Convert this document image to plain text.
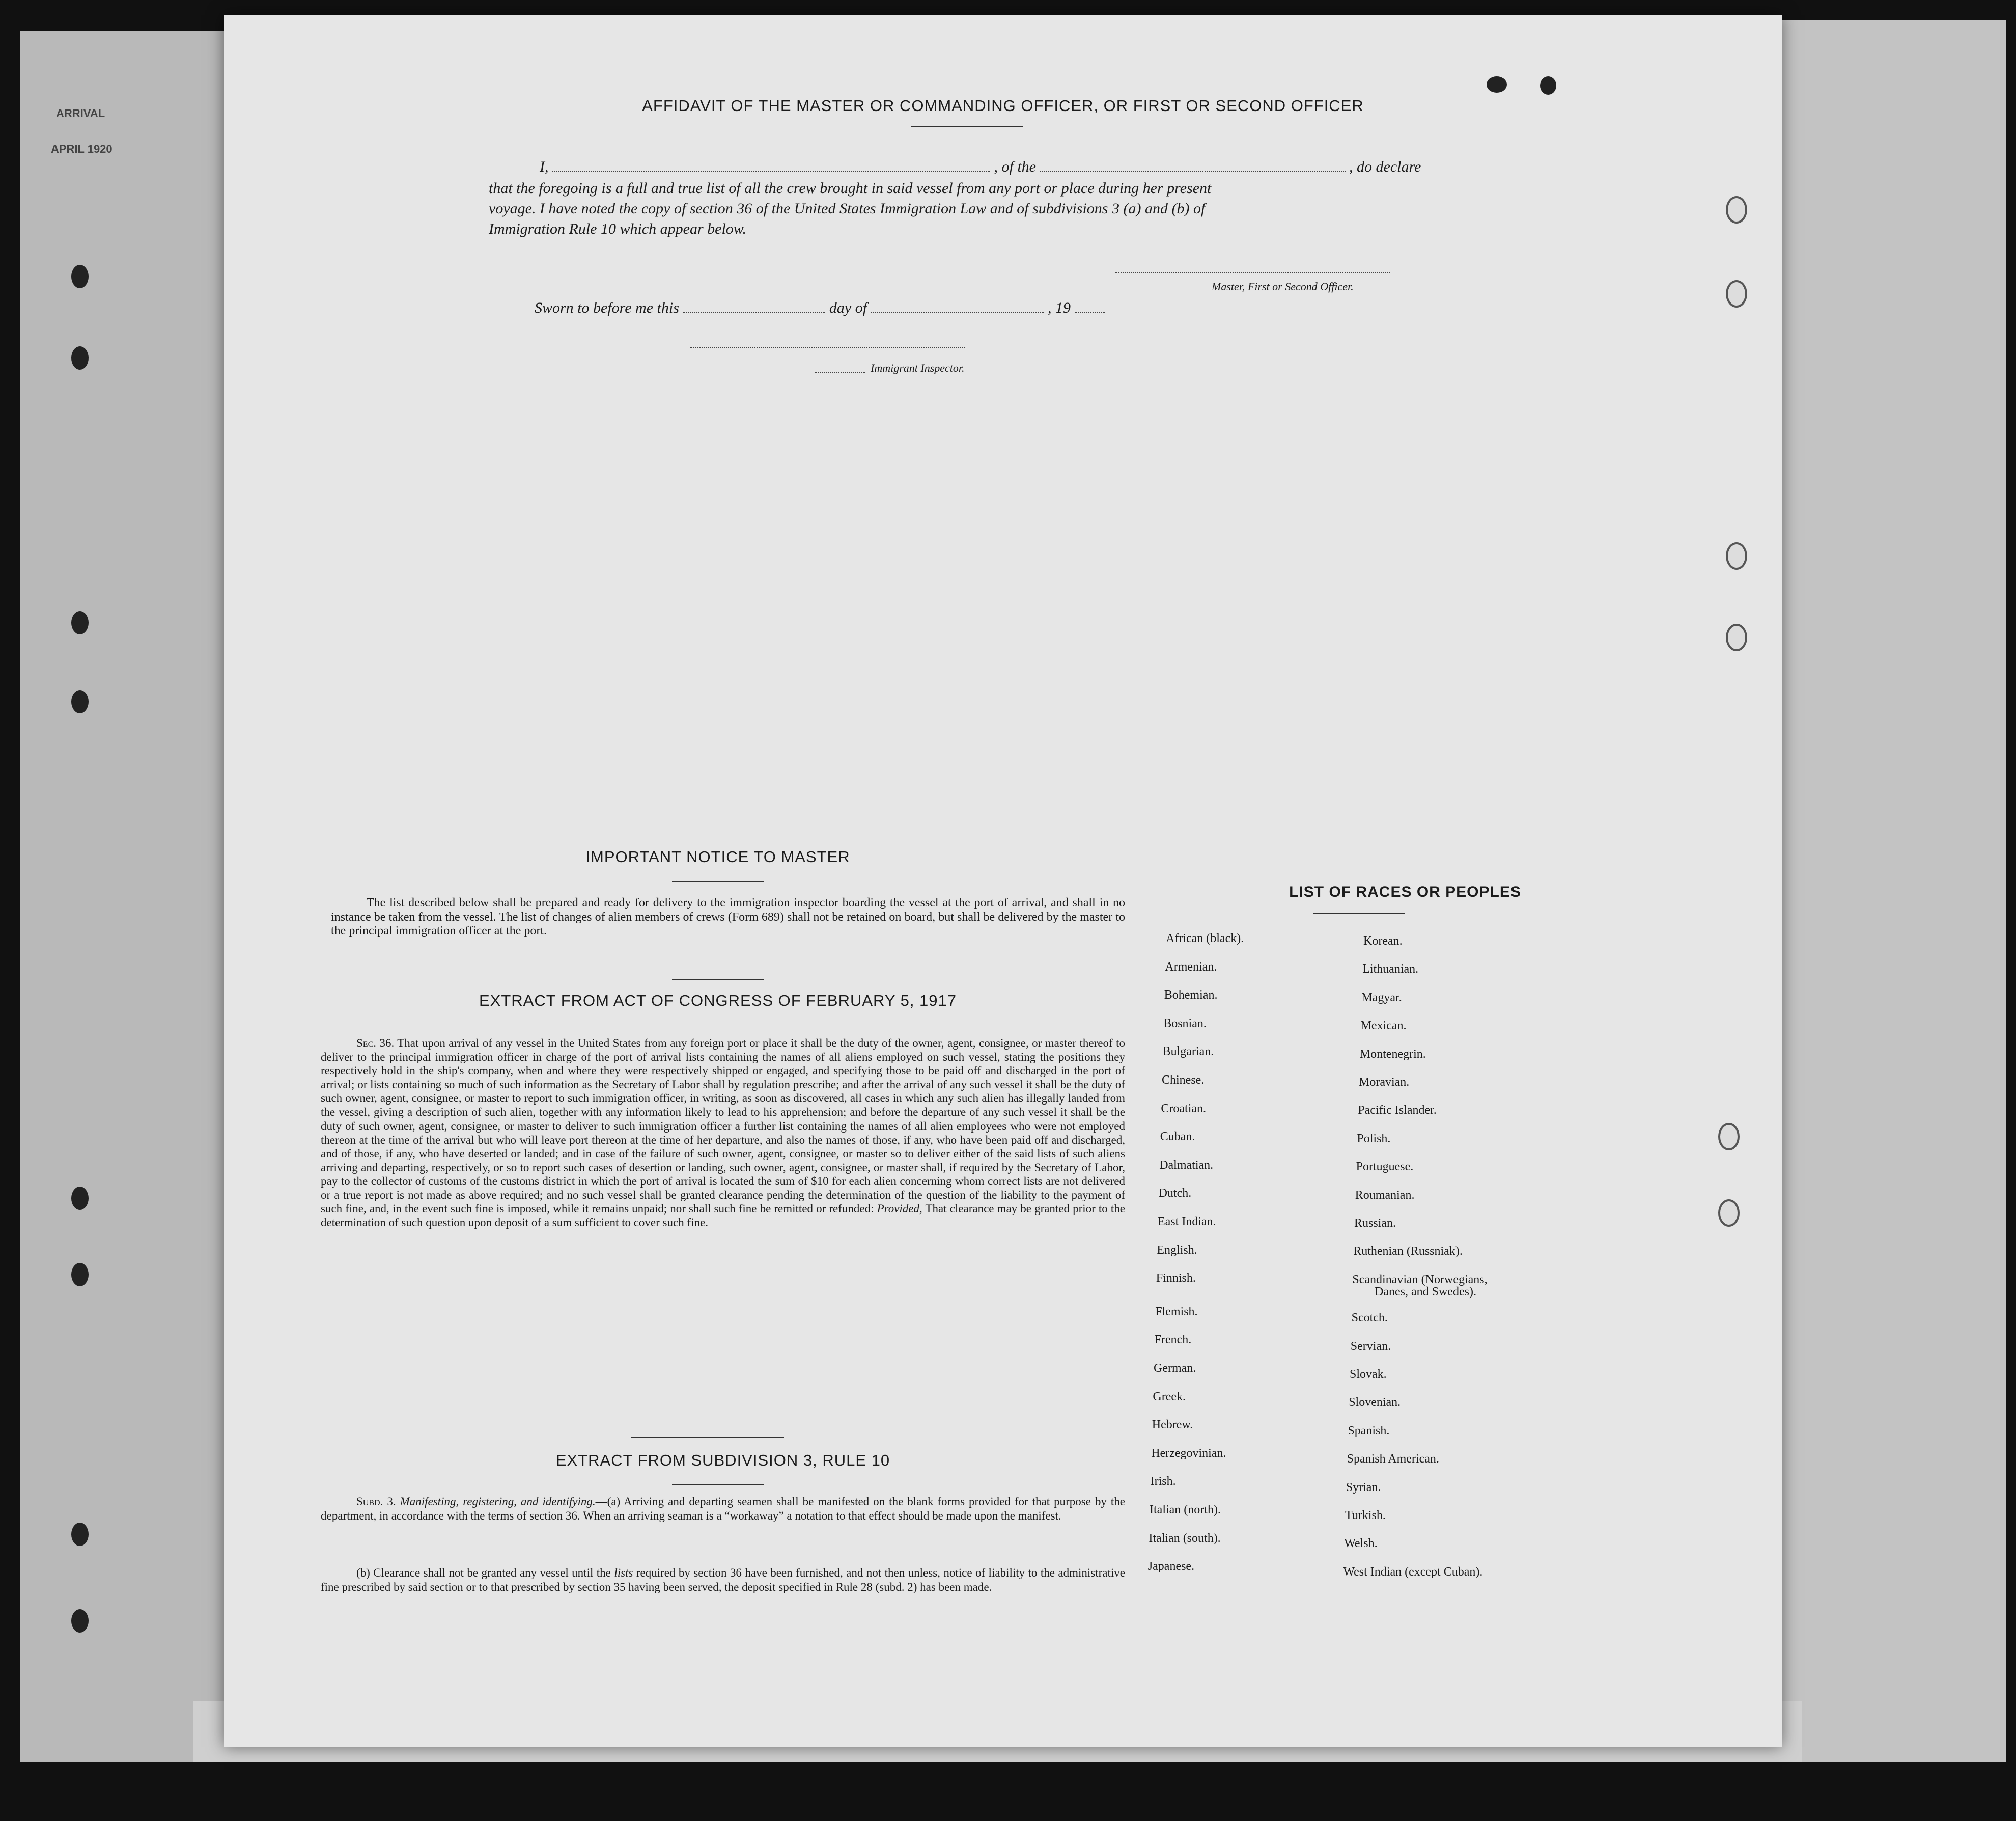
ARRIVAL
APRIL 1920
AFFIDAVIT OF THE MASTER OR COMMANDING OFFICER, OR FIRST OR SECOND OFFICER
I,	, of the	, do declare
that the foregoing is a full and true list of all the crew brought in said vessel from any port or place during her present
voyage. I have noted the copy of section 36 of the United States Immigration Law and of subdivisions 3 (a) and (b) of
Immigration Rule 10 which appear below.
Master, First or Second Officer.
Sworn to before me this	day of	, 19
Immigrant Inspector.
IMPORTANT NOTICE TO MASTER
The list described below shall be prepared and ready for delivery to the immigration inspector boarding the vessel at the port of arrival, and shall in no instance be taken from the vessel. The list of changes of alien members of crews (Form 689) shall not be retained on board, but shall be delivered by the master to the principal immigration officer at the port.
EXTRACT FROM ACT OF CONGRESS OF FEBRUARY 5, 1917
Sec. 36. That upon arrival of any vessel in the United States from any foreign port or place it shall be the duty of the owner, agent, consignee, or master thereof to deliver to the principal immigration officer in charge of the port of arrival lists containing the names of all aliens employed on such vessel, stating the positions they respectively hold in the ship's company, when and where they were respectively shipped or engaged, and specifying those to be paid off and discharged in the port of arrival; or lists containing so much of such information as the Secretary of Labor shall by regulation prescribe; and after the arrival of any such vessel it shall be the duty of such owner, agent, consignee, or master to report to such immigration officer, in writing, as soon as discovered, all cases in which any such alien has illegally landed from the vessel, giving a description of such alien, together with any information likely to lead to his apprehension; and before the departure of any such vessel it shall be the duty of such owner, agent, consignee, or master to deliver to such immigration officer a further list containing the names of all alien employees who were not employed thereon at the time of the arrival but who will leave port thereon at the time of her departure, and also the names of those, if any, who have been paid off and discharged, and of those, if any, who have deserted or landed; and in case of the failure of such owner, agent, consignee, or master so to deliver either of the said lists of such aliens arriving and departing, respectively, or so to report such cases of desertion or landing, such owner, agent, consignee, or master shall, if required by the Secretary of Labor, pay to the collector of customs of the customs district in which the port of arrival is located the sum of $10 for each alien concerning whom correct lists are not delivered or a true report is not made as above required; and no such vessel shall be granted clearance pending the determination of the question of the liability to the payment of such fine, and, in the event such fine is imposed, while it remains unpaid; nor shall such fine be remitted or refunded: Provided, That clearance may be granted prior to the determination of such question upon deposit of a sum sufficient to cover such fine.
EXTRACT FROM SUBDIVISION 3, RULE 10
Subd. 3. Manifesting, registering, and identifying.—(a) Arriving and departing seamen shall be manifested on the blank forms provided for that purpose by the department, in accordance with the terms of section 36. When an arriving seaman is a “workaway” a notation to that effect should be made upon the manifest.
(b) Clearance shall not be granted any vessel until the lists required by section 36 have been furnished, and not then unless, notice of liability to the administrative fine prescribed by said section or to that prescribed by section 35 having been served, the deposit specified in Rule 28 (subd. 2) has been made.
LIST OF RACES OR PEOPLES
African (black).
Armenian.
Bohemian.
Bosnian.
Bulgarian.
Chinese.
Croatian.
Cuban.
Dalmatian.
Dutch.
East Indian.
English.
Finnish.
Flemish.
French.
German.
Greek.
Hebrew.
Herzegovinian.
Irish.
Italian (north).
Italian (south).
Japanese.
Korean.
Lithuanian.
Magyar.
Mexican.
Montenegrin.
Moravian.
Pacific Islander.
Polish.
Portuguese.
Roumanian.
Russian.
Ruthenian (Russniak).
Scandinavian (Norwegians,
Danes, and Swedes).
Scotch.
Servian.
Slovak.
Slovenian.
Spanish.
Spanish American.
Syrian.
Turkish.
Welsh.
West Indian (except Cuban).
